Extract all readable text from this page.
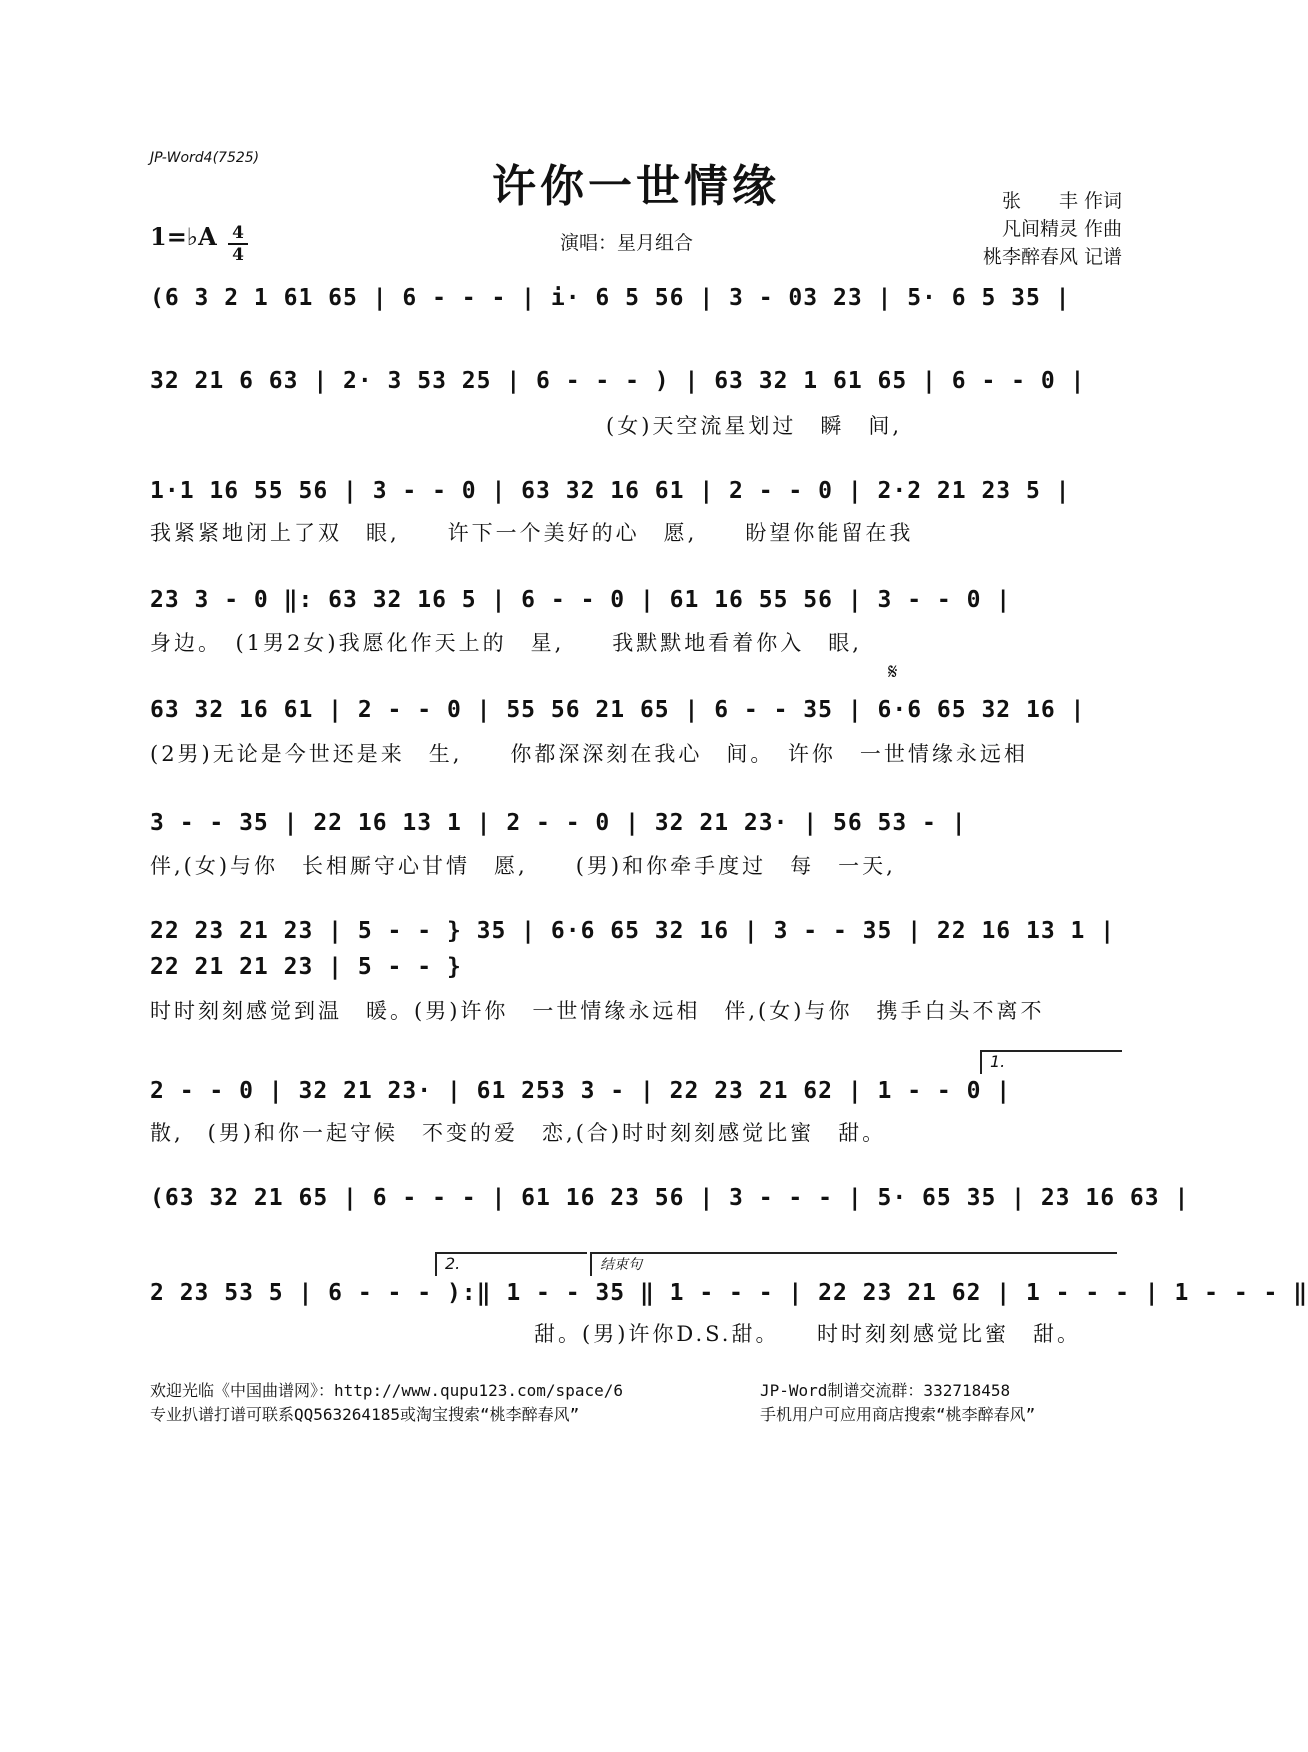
JP-Word4(7525)
许你一世情缘	张　　丰 作词
凡间精灵 作曲
桃李醉春风 记谱
1=♭A 4
4
演唱：星月组合
(6 3 2 1 61 65 | 6 - - - | i· 6 5 56 | 3 - 03 23 | 5· 6 5 35 |
32 21 6 63 | 2· 3 53 25 | 6 - - - ) | 63 32 1 61 65 | 6 - - 0 |
　　　　　　　　　　　　　　　　　　　(女)天空流星划过　瞬　间,
1·1 16 55 56 | 3 - - 0 | 63 32 16 61 | 2 - - 0 | 2·2 21 23 5 |
我紧紧地闭上了双　眼,　　许下一个美好的心　愿,　　盼望你能留在我
23 3 - 0 ‖: 63 32 16 5 | 6 - - 0 | 61 16 55 56 | 3 - - 0 |
身边。　(1男2女)我愿化作天上的　星,　　我默默地看着你入　眼,
𝄋
63 32 16 61 | 2 - - 0 | 55 56 21 65 | 6 - - 35 | 6·6 65 32 16 |
(2男)无论是今世还是来　生,　　你都深深刻在我心　间。　许你　一世情缘永远相
3 - - 35 | 22 16 13 1 | 2 - - 0 | 32 21 23· | 56 53 - |
伴,(女)与你　长相厮守心甘情　愿,　　(男)和你牵手度过　每　一天,
22 23 21 23 | 5 - - } 35 | 6·6 65 32 16 | 3 - - 35 | 22 16 13 1 |
22 21 21 23 | 5 - - }
时时刻刻感觉到温　暖。(男)许你　一世情缘永远相　伴,(女)与你　携手白头不离不
1.
2 - - 0 | 32 21 23· | 61 253 3 - | 22 23 21 62 | 1 - - 0 |
散,　(男)和你一起守候　不变的爱　恋,(合)时时刻刻感觉比蜜　甜。
(63 32 21 65 | 6 - - - | 61 16 23 56 | 3 - - - | 5· 65 35 | 23 16 63 |
2.	结束句
2 23 53 5 | 6 - - - ):‖ 1 - - 35 ‖ 1 - - - | 22 23 21 62 | 1 - - - | 1 - - - ‖
　　　　　　　　　　　　　　　　甜。(男)许你D.S.甜。　　时时刻刻感觉比蜜　甜。
欢迎光临《中国曲谱网》：http://www.qupu123.com/space/6
专业扒谱打谱可联系QQ563264185或淘宝搜索“桃李醉春风”
JP-Word制谱交流群：332718458
手机用户可应用商店搜索“桃李醉春风”
